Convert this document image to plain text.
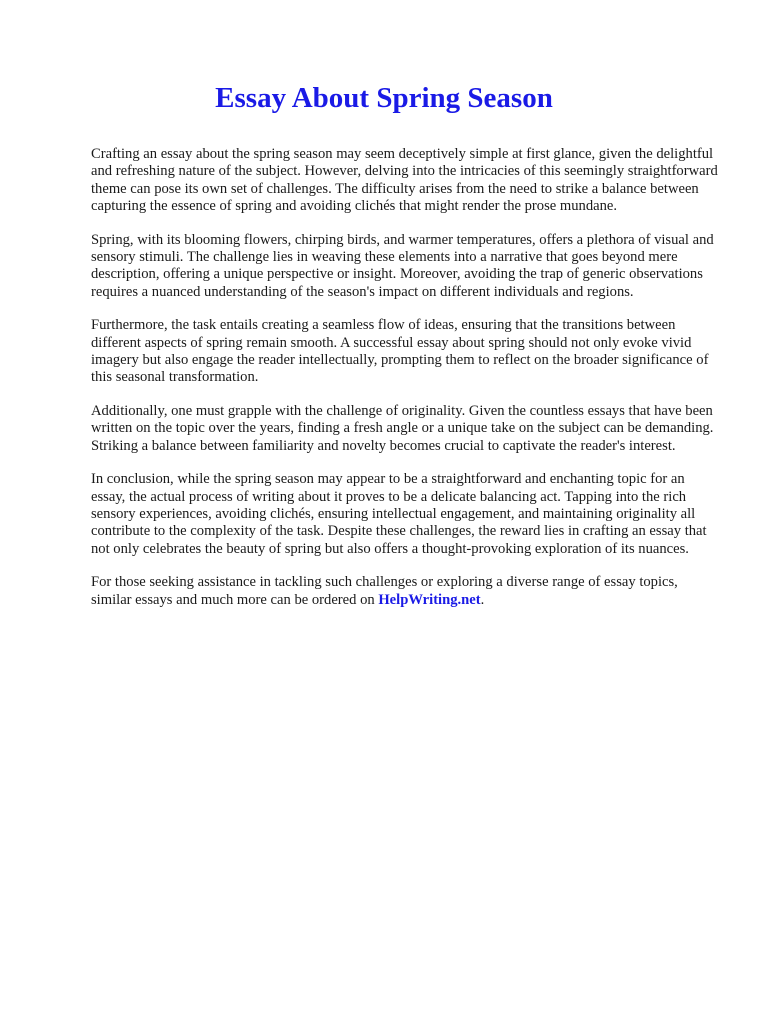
Essay About Spring Season

Crafting an essay about the spring season may seem deceptively simple at first glance, given the delightful and refreshing nature of the subject. However, delving into the intricacies of this seemingly straightforward theme can pose its own set of challenges. The difficulty arises from the need to strike a balance between capturing the essence of spring and avoiding clichés that might render the prose mundane.

Spring, with its blooming flowers, chirping birds, and warmer temperatures, offers a plethora of visual and sensory stimuli. The challenge lies in weaving these elements into a narrative that goes beyond mere description, offering a unique perspective or insight. Moreover, avoiding the trap of generic observations requires a nuanced understanding of the season's impact on different individuals and regions.

Furthermore, the task entails creating a seamless flow of ideas, ensuring that the transitions between different aspects of spring remain smooth. A successful essay about spring should not only evoke vivid imagery but also engage the reader intellectually, prompting them to reflect on the broader significance of this seasonal transformation.

Additionally, one must grapple with the challenge of originality. Given the countless essays that have been written on the topic over the years, finding a fresh angle or a unique take on the subject can be demanding. Striking a balance between familiarity and novelty becomes crucial to captivate the reader's interest.

In conclusion, while the spring season may appear to be a straightforward and enchanting topic for an essay, the actual process of writing about it proves to be a delicate balancing act. Tapping into the rich sensory experiences, avoiding clichés, ensuring intellectual engagement, and maintaining originality all contribute to the complexity of the task. Despite these challenges, the reward lies in crafting an essay that not only celebrates the beauty of spring but also offers a thought-provoking exploration of its nuances.

For those seeking assistance in tackling such challenges or exploring a diverse range of essay topics, similar essays and much more can be ordered on HelpWriting.net.
